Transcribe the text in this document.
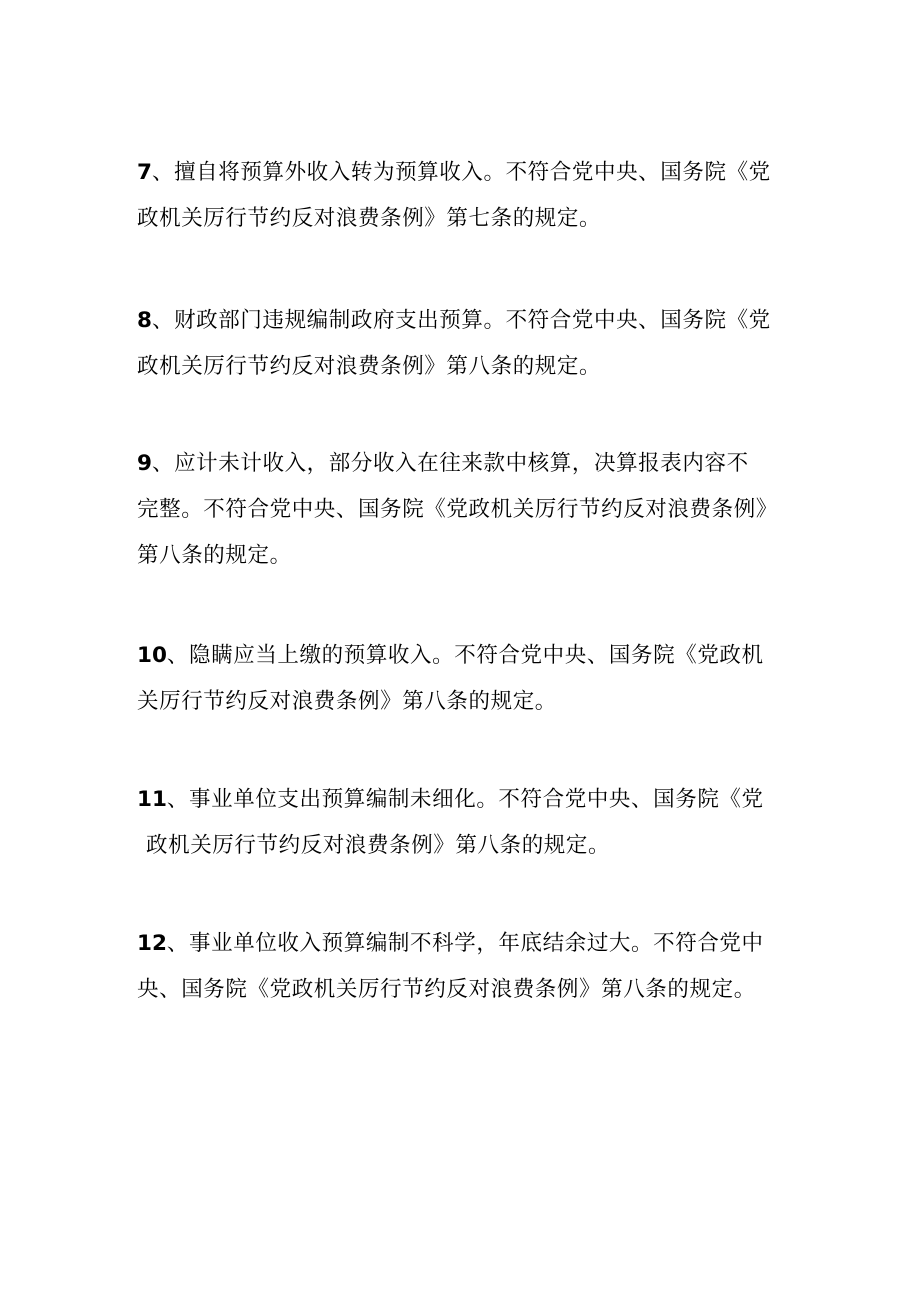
7、擅自将预算外收入转为预算收入。不符合党中央、国务院《党
政机关厉行节约反对浪费条例》第七条的规定。

8、财政部门违规编制政府支出预算。不符合党中央、国务院《党
政机关厉行节约反对浪费条例》第八条的规定。

9、应计未计收入，部分收入在往来款中核算，决算报表内容不
完整。不符合党中央、国务院《党政机关厉行节约反对浪费条例》
第八条的规定。

10、隐瞒应当上缴的预算收入。不符合党中央、国务院《党政机
关厉行节约反对浪费条例》第八条的规定。

11、事业单位支出预算编制未细化。不符合党中央、国务院《党
政机关厉行节约反对浪费条例》第八条的规定。

12、事业单位收入预算编制不科学，年底结余过大。不符合党中
央、国务院《党政机关厉行节约反对浪费条例》第八条的规定。
